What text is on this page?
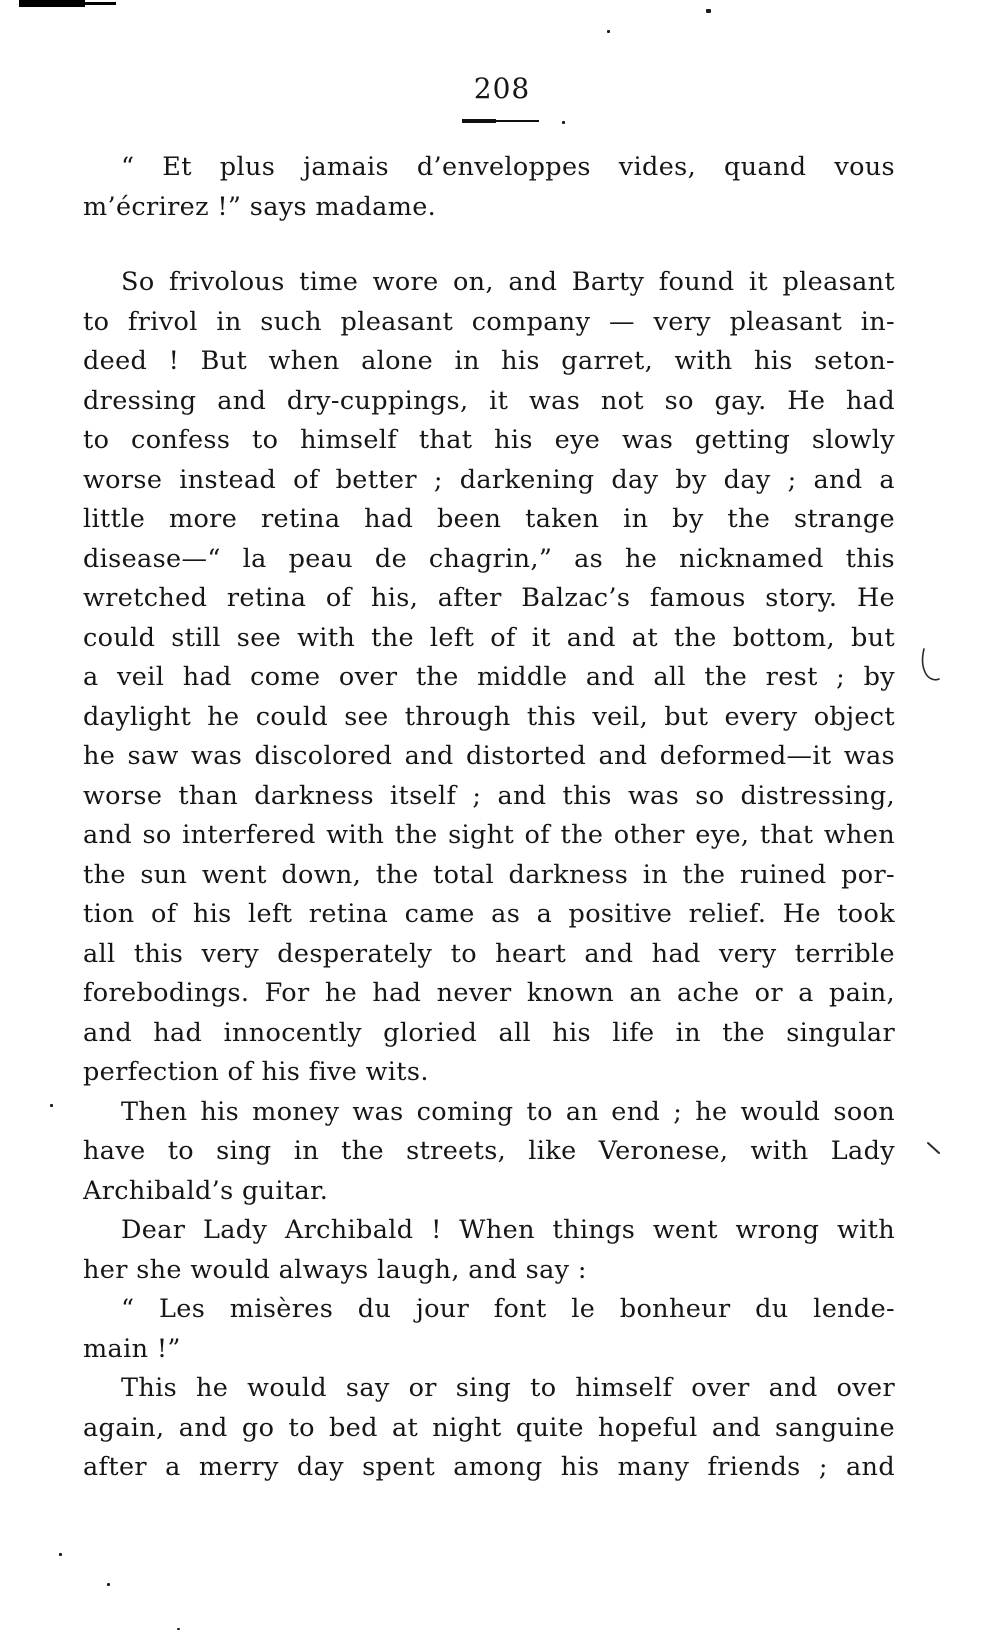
208
“ Et plus jamais d’enveloppes vides, quand vous
m’écrirez !” says madame.
So frivolous time wore on, and Barty found it pleasant
to frivol in such pleasant company — very pleasant in-
deed ! But when alone in his garret, with his seton-
dressing and dry-cuppings, it was not so gay. He had
to confess to himself that his eye was getting slowly
worse instead of better ; darkening day by day ; and a
little more retina had been taken in by the strange
disease—“ la peau de chagrin,” as he nicknamed this
wretched retina of his, after Balzac’s famous story. He
could still see with the left of it and at the bottom, but
a veil had come over the middle and all the rest ; by
daylight he could see through this veil, but every object
he saw was discolored and distorted and deformed—it was
worse than darkness itself ; and this was so distressing,
and so interfered with the sight of the other eye, that when
the sun went down, the total darkness in the ruined por-
tion of his left retina came as a positive relief. He took
all this very desperately to heart and had very terrible
forebodings. For he had never known an ache or a pain,
and had innocently gloried all his life in the singular
perfection of his five wits.
Then his money was coming to an end ; he would soon
have to sing in the streets, like Veronese, with Lady
Archibald’s guitar.
Dear Lady Archibald ! When things went wrong with
her she would always laugh, and say :
“ Les misères du jour font le bonheur du lende-
main !”
This he would say or sing to himself over and over
again, and go to bed at night quite hopeful and sanguine
after a merry day spent among his many friends ; and
